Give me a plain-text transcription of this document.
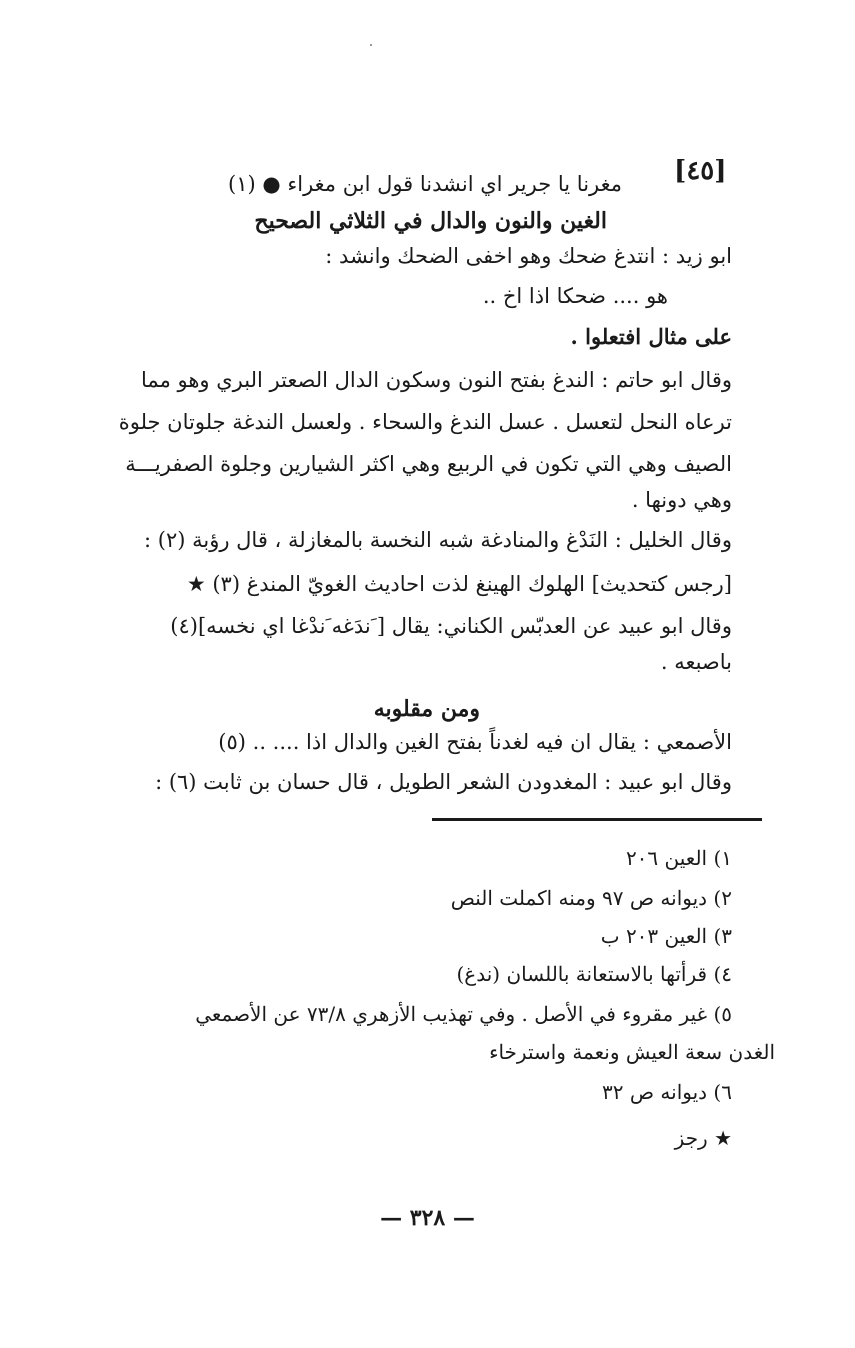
[٤٥]
مغرنا يا جرير اي انشدنا قول ابن مغراء ● (١)
الغين والنون والدال في الثلاثي الصحيح
ابو زيد : انتدغ ضحك وهو اخفى الضحك وانشد :
هو .... ضحكا اذا اخ ..
على مثال افتعلوا .
وقال ابو حاتم : الندغ بفتح النون وسكون الدال الصعتر البري وهو مما
ترعاه النحل لتعسل . عسل الندغ والسحاء . ولعسل الندغة جلوتان جلوة
الصيف وهي التي تكون في الربيع وهي اكثر الشيارين وجلوة الصفريـــة
وهي دونها .
وقال الخليل : النَدْغ والمنادغة شبه النخسة بالمغازلة ، قال رؤبة (٢) :
[رجس كتحديث] الهلوك الهينغ لذت احاديث الغويّ المندغ (٣) ★
وقال ابو عبيد عن العدبّس الكناني: يقال [ َندَغه َندْغا اي نخسه](٤)
باصبعه .
ومن مقلوبه
الأصمعي : يقال ان فيه لغدناً بفتح الغين والدال اذا .... .. (٥)
وقال ابو عبيد : المغدودن الشعر الطويل ، قال حسان بن ثابت (٦) :
١) العين ٢٠٦
٢) ديوانه ص ٩٧ ومنه اكملت النص
٣) العين ٢٠٣ ب
٤) قرأتها بالاستعانة باللسان (ندغ)
٥) غير مقروء في الأصل . وفي تهذيب الأزهري ٧٣/٨ عن الأصمعي
الغدن سعة العيش ونعمة واسترخاء
٦) ديوانه ص ٣٢
★ رجز
— ٣٢٨ —
